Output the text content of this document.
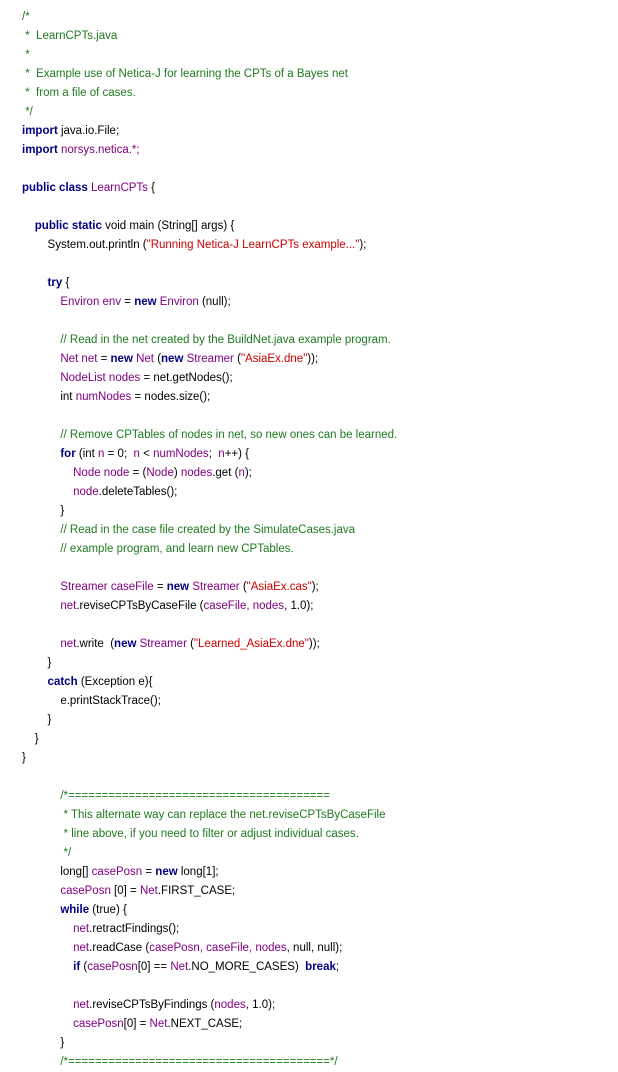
/*
*  LearnCPTs.java
*
*  Example use of Netica-J for learning the CPTs of a Bayes net
*  from a file of cases.
*/
import java.io.File;
import norsys.netica.*;
public class LearnCPTs {
public static void main (String[] args) {
System.out.println ("Running Netica-J LearnCPTs example...");
try {
Environ env = new Environ (null);
// Read in the net created by the BuildNet.java example program.
Net net = new Net (new Streamer ("AsiaEx.dne"));
NodeList nodes = net.getNodes();
int numNodes = nodes.size();
// Remove CPTables of nodes in net, so new ones can be learned.
for (int n = 0;  n < numNodes;  n++) {
Node node = (Node) nodes.get (n);
node.deleteTables();
}
// Read in the case file created by the SimulateCases.java
// example program, and learn new CPTables.
Streamer caseFile = new Streamer ("AsiaEx.cas");
net.reviseCPTsByCaseFile (caseFile, nodes, 1.0);
net.write  (new Streamer ("Learned_AsiaEx.dne"));
}
catch (Exception e){
e.printStackTrace();
}
}
}
/*=======================================
* This alternate way can replace the net.reviseCPTsByCaseFile
* line above, if you need to filter or adjust individual cases.
*/
long[] casePosn = new long[1];
casePosn [0] = Net.FIRST_CASE;
while (true) {
net.retractFindings();
net.readCase (casePosn, caseFile, nodes, null, null);
if (casePosn[0] == Net.NO_MORE_CASES)  break;
net.reviseCPTsByFindings (nodes, 1.0);
casePosn[0] = Net.NEXT_CASE;
}
/*=======================================*/
